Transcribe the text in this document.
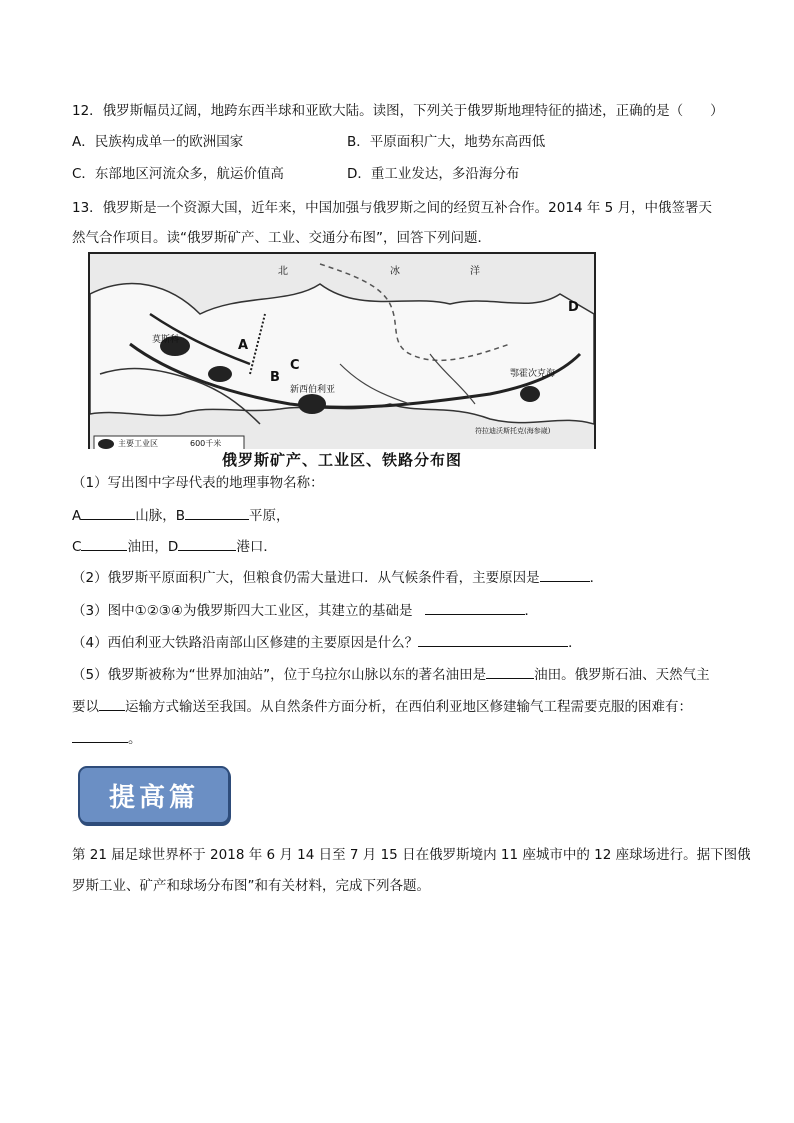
12．俄罗斯幅员辽阔，地跨东西半球和亚欧大陆。读图，下列关于俄罗斯地理特征的描述，正确的是（　　）
A．民族构成单一的欧洲国家	B．平原面积广大，地势东高西低
C．东部地区河流众多，航运价值高	D．重工业发达，多沿海分布
13．俄罗斯是一个资源大国，近年来，中国加强与俄罗斯之间的经贸互补合作。2014 年 5 月，中俄签署天
然气合作项目。读“俄罗斯矿产、工业、交通分布图”，回答下列问题．
北	冰	洋
莫斯科
新西伯利亚
鄂霍次克海
符拉迪沃斯托克(海参崴)
A
B
C
D
主要工业区	600千米
俄罗斯矿产、工业区、铁路分布图
（1）写出图中字母代表的地理事物名称：
A	山脉，B	平原，
C	油田，D	港口．
（2）俄罗斯平原面积广大，但粮食仍需大量进口．从气候条件看，主要原因是	．
（3）图中①②③④为俄罗斯四大工业区，其建立的基础是	．
（4）西伯利亚大铁路沿南部山区修建的主要原因是什么？	．
（5）俄罗斯被称为“世界加油站”，位于乌拉尔山脉以东的著名油田是	油田。俄罗斯石油、天然气主
要以 运输方式输送至我国。从自然条件方面分析，在西伯利亚地区修建输气工程需要克服的困难有：
。
提高篇
第 21 届足球世界杯于 2018 年 6 月 14 日至 7 月 15 日在俄罗斯境内 11 座城市中的 12 座球场进行。据下图俄
罗斯工业、矿产和球场分布图”和有关材料，完成下列各题。
